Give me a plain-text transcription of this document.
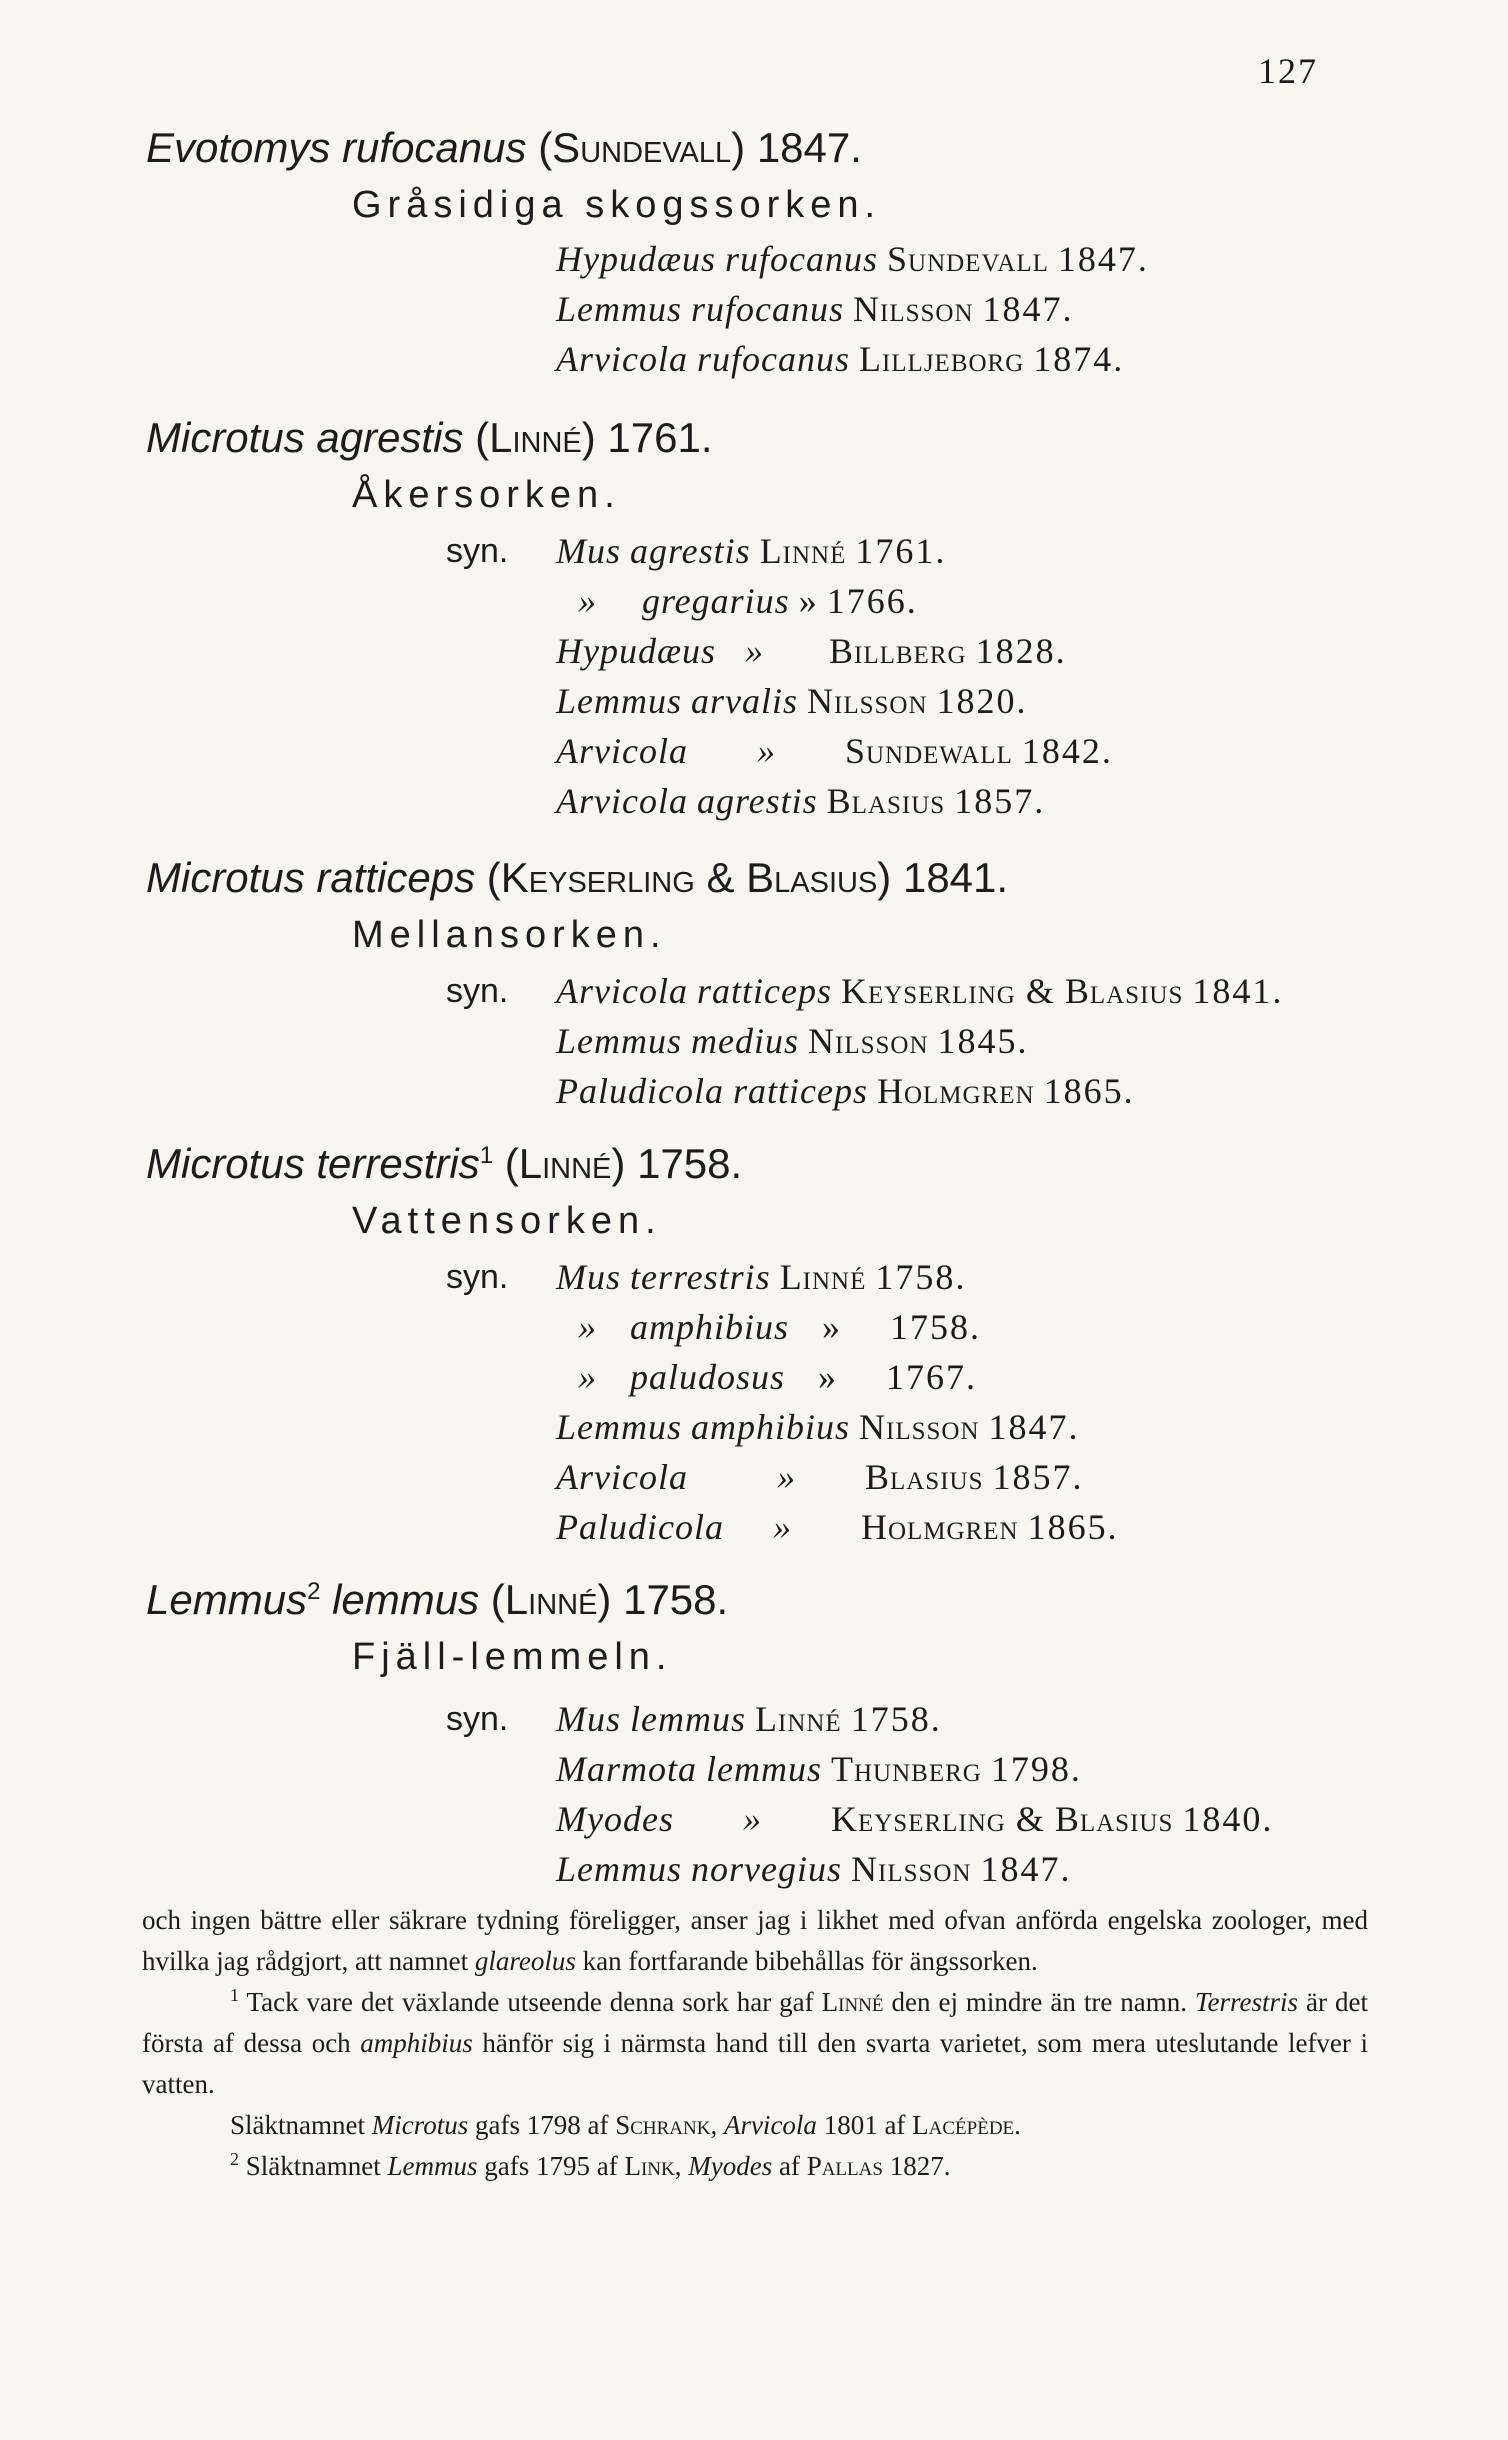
127
Evotomys rufocanus (Sundevall) 1847.
Gråsidiga skogssorken.
Hypudæus rufocanus Sundevall 1847.
Lemmus rufocanus Nilsson 1847.
Arvicola rufocanus Lilljeborg 1874.
Microtus agrestis (Linné) 1761.
Åkersorken.
syn. Mus agrestis Linné 1761.
» gregarius » 1766.
Hypudæus » Billberg 1828.
Lemmus arvalis Nilsson 1820.
Arvicola » Sundewall 1842.
Arvicola agrestis Blasius 1857.
Microtus ratticeps (Keyserling & Blasius) 1841.
Mellansorken.
syn. Arvicola ratticeps Keyserling & Blasius 1841.
Lemmus medius Nilsson 1845.
Paludicola ratticeps Holmgren 1865.
Microtus terrestris$^1$ (Linné) 1758.
Vattensorken.
syn. Mus terrestris Linné 1758.
» amphibius » 1758.
» paludosus » 1767.
Lemmus amphibius Nilsson 1847.
Arvicola » Blasius 1857.
Paludicola » Holmgren 1865.
Lemmus$^2$ lemmus (Linné) 1758.
Fjäll-lemmeln.
syn. Mus lemmus Linné 1758.
Marmota lemmus Thunberg 1798.
Myodes » Keyserling & Blasius 1840.
Lemmus norvegius Nilsson 1847.

och ingen bättre eller säkrare tydning föreligger, anser jag i likhet med ofvan anförda engelska zoologer, med hvilka jag rådgjort, att namnet glareolus kan fortfarande bibehållas för ängssorken.

$^1$ Tack vare det växlande utseende denna sork har gaf Linné den ej mindre än tre namn. Terrestris är det första af dessa och amphibius hänför sig i närmsta hand till den svarta varietet, som mera uteslutande lefver i vatten.

Släktnamnet Microtus gafs 1798 af Schrank, Arvicola 1801 af Lacépède.

$^2$ Släktnamnet Lemmus gafs 1795 af Link, Myodes af Pallas 1827.
